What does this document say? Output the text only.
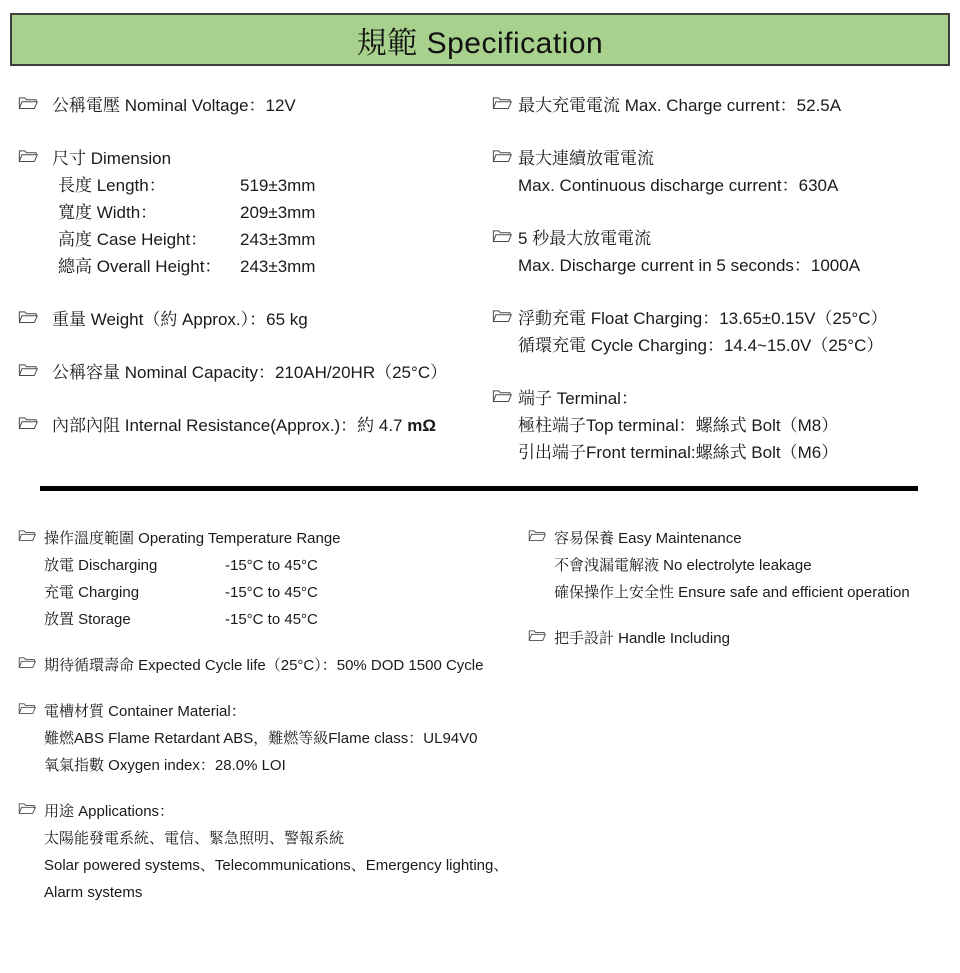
規範 Specification
公稱電壓 Nominal Voltage：12V
尺寸 Dimension
長度 Length：	519±3mm
寬度 Width：	209±3mm
高度 Case Height： 243±3mm
總高 Overall Height： 243±3mm
重量 Weight（約 Approx.）：65 kg
公稱容量 Nominal Capacity：210AH/20HR（25°C）
內部內阻 Internal Resistance(Approx.)：約 4.7 mΩ
最大充電電流 Max. Charge current：52.5A
最大連續放電電流
Max. Continuous discharge current：630A
5 秒最大放電電流
Max. Discharge current in 5 seconds：1000A
浮動充電 Float Charging：13.65±0.15V（25°C）
循環充電 Cycle Charging：14.4~15.0V（25°C）
端子 Terminal：
極柱端子Top terminal：螺絲式 Bolt（M8）
引出端子Front terminal:螺絲式 Bolt（M6）
操作溫度範圍 Operating Temperature Range
放電 Discharging	-15°C to 45°C
充電 Charging	-15°C to 45°C
放置 Storage	-15°C to 45°C
期待循環壽命 Expected Cycle life（25°C）：50% DOD 1500 Cycle
電槽材質 Container Material：
難燃ABS Flame Retardant ABS，難燃等級Flame class：UL94V0
氧氣指數 Oxygen index：28.0% LOI
用途 Applications：
太陽能發電系統、電信、緊急照明、警報系統
Solar powered systems、Telecommunications、Emergency lighting、
Alarm systems
容易保養 Easy Maintenance
不會洩漏電解液 No electrolyte leakage
確保操作上安全性 Ensure safe and efficient operation
把手設計 Handle Including
